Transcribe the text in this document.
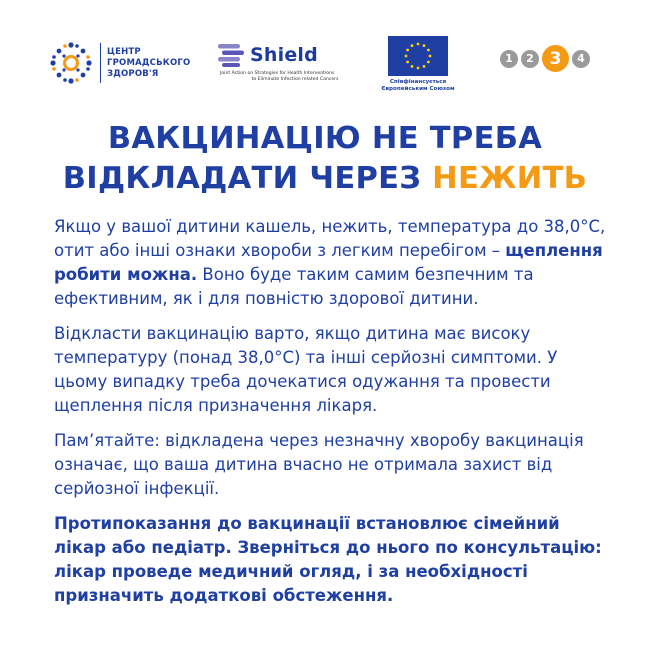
ЦЕНТР
ГРОМАДСЬКОГО
ЗДОРОВ'Я
Shield
Joint Action on Strategies for Health Interventions
to Eliminate Infection related Cancers	Співфінансується
Європейським Союзом
1	2 3	4
ВАКЦИНАЦІЮ НЕ ТРЕБА
ВІДКЛАДАТИ ЧЕРЕЗ НЕЖИТЬ

Якщо у вашої дитини кашель, нежить, температура до 38,0°С, отит або інші ознаки хвороби з легким перебігом – щеплення робити можна. Воно буде таким самим безпечним та ефективним, як і для повністю здорової дитини.

Відкласти вакцинацію варто, якщо дитина має високу температуру (понад 38,0°С) та інші серйозні симптоми. У цьому випадку треба дочекатися одужання та провести щеплення після призначення лікаря.

Пам’ятайте: відкладена через незначну хворобу вакцинація означає, що ваша дитина вчасно не отримала захист від серйозної інфекції.

Протипоказання до вакцинації встановлює сімейний лікар або педіатр. Зверніться до нього по консультацію: лікар проведе медичний огляд, і за необхідності призначить додаткові обстеження.
